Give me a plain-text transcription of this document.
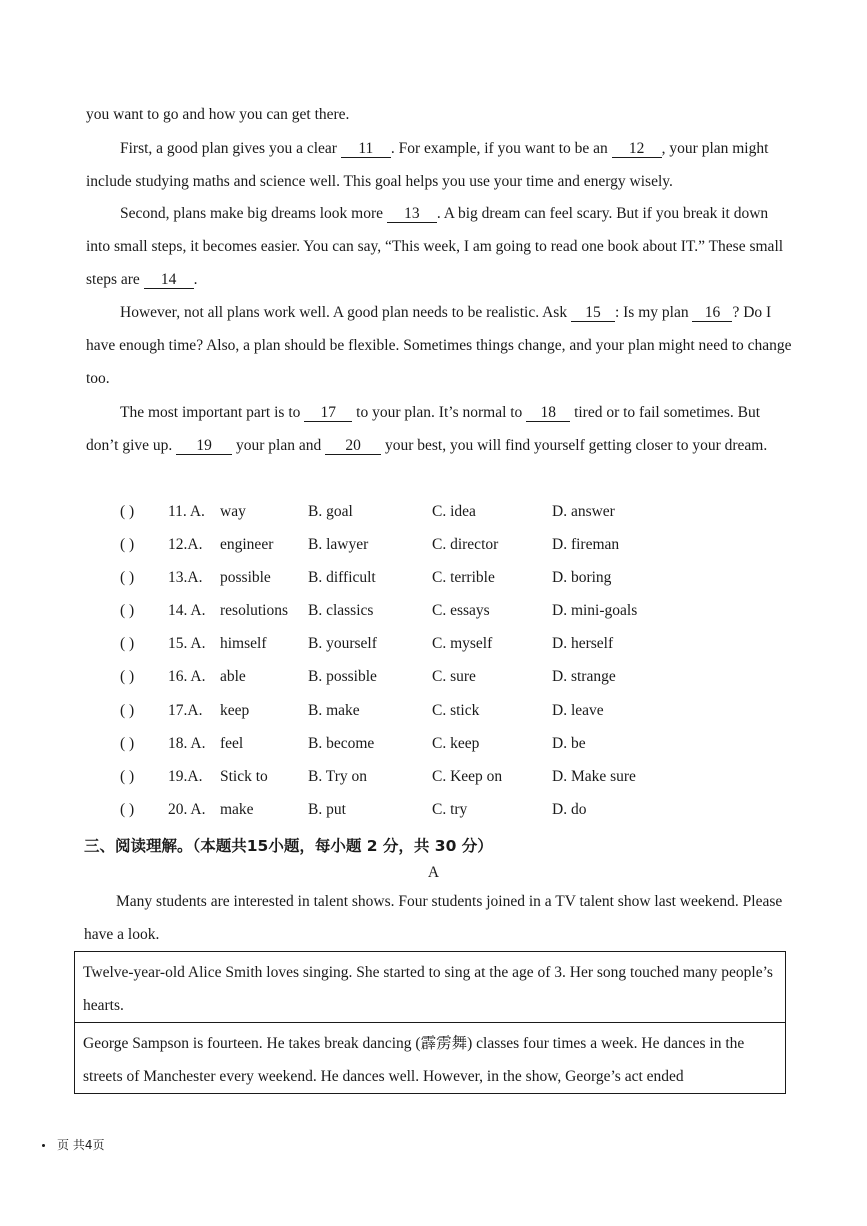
you want to go and how you can get there.

First, a good plan gives you a clear 11 . For example, if you want to be an 12 , your plan might include studying maths and science well. This goal helps you use your time and energy wisely.

Second, plans make big dreams look more 13 . A big dream can feel scary. But if you break it down into small steps, it becomes easier. You can say, “This week, I am going to read one book about IT.” These small steps are 14 .

However, not all plans work well. A good plan needs to be realistic. Ask 15 : Is my plan 16 ? Do I have enough time? Also, a plan should be flexible. Sometimes things change, and your plan might need to change too.

The most important part is to 17 to your plan. It’s normal to 18 tired or to fail sometimes. But don’t give up. 19 your plan and 20 your best, you will find yourself getting closer to your dream.

( ) 11. A. way	B. goal	C. idea	D. answer
( ) 12.A. engineer B. lawyer	C. director	D. fireman
( ) 13.A. possible B. difficult	C. terrible	D. boring
( ) 14. A. resolutions B. classics	C. essays	D. mini-goals
( ) 15. A. himself	B. yourself	C. myself	D. herself
( ) 16. A. able	B. possible	C. sure	D. strange
( ) 17.A. keep	B. make	C. stick	D. leave
( ) 18. A. feel	B. become	C. keep	D. be
( ) 19.A. Stick to	B. Try on	C. Keep on	D. Make sure
( ) 20. A. make	B. put	C. try	D. do
三、阅读理解。（本题共15小题，每小题 2 分，共 30 分）
A

Many students are interested in talent shows. Four students joined in a TV talent show last weekend. Please have a look.

Twelve-year-old Alice Smith loves singing. She started to sing at the age of 3. Her song touched many people’s hearts.
George Sampson is fourteen. He takes break dancing (霹雳舞) classes four times a week. He dances in the streets of Manchester every weekend. He dances well. However, in the show, George’s act ended
页 共4页
